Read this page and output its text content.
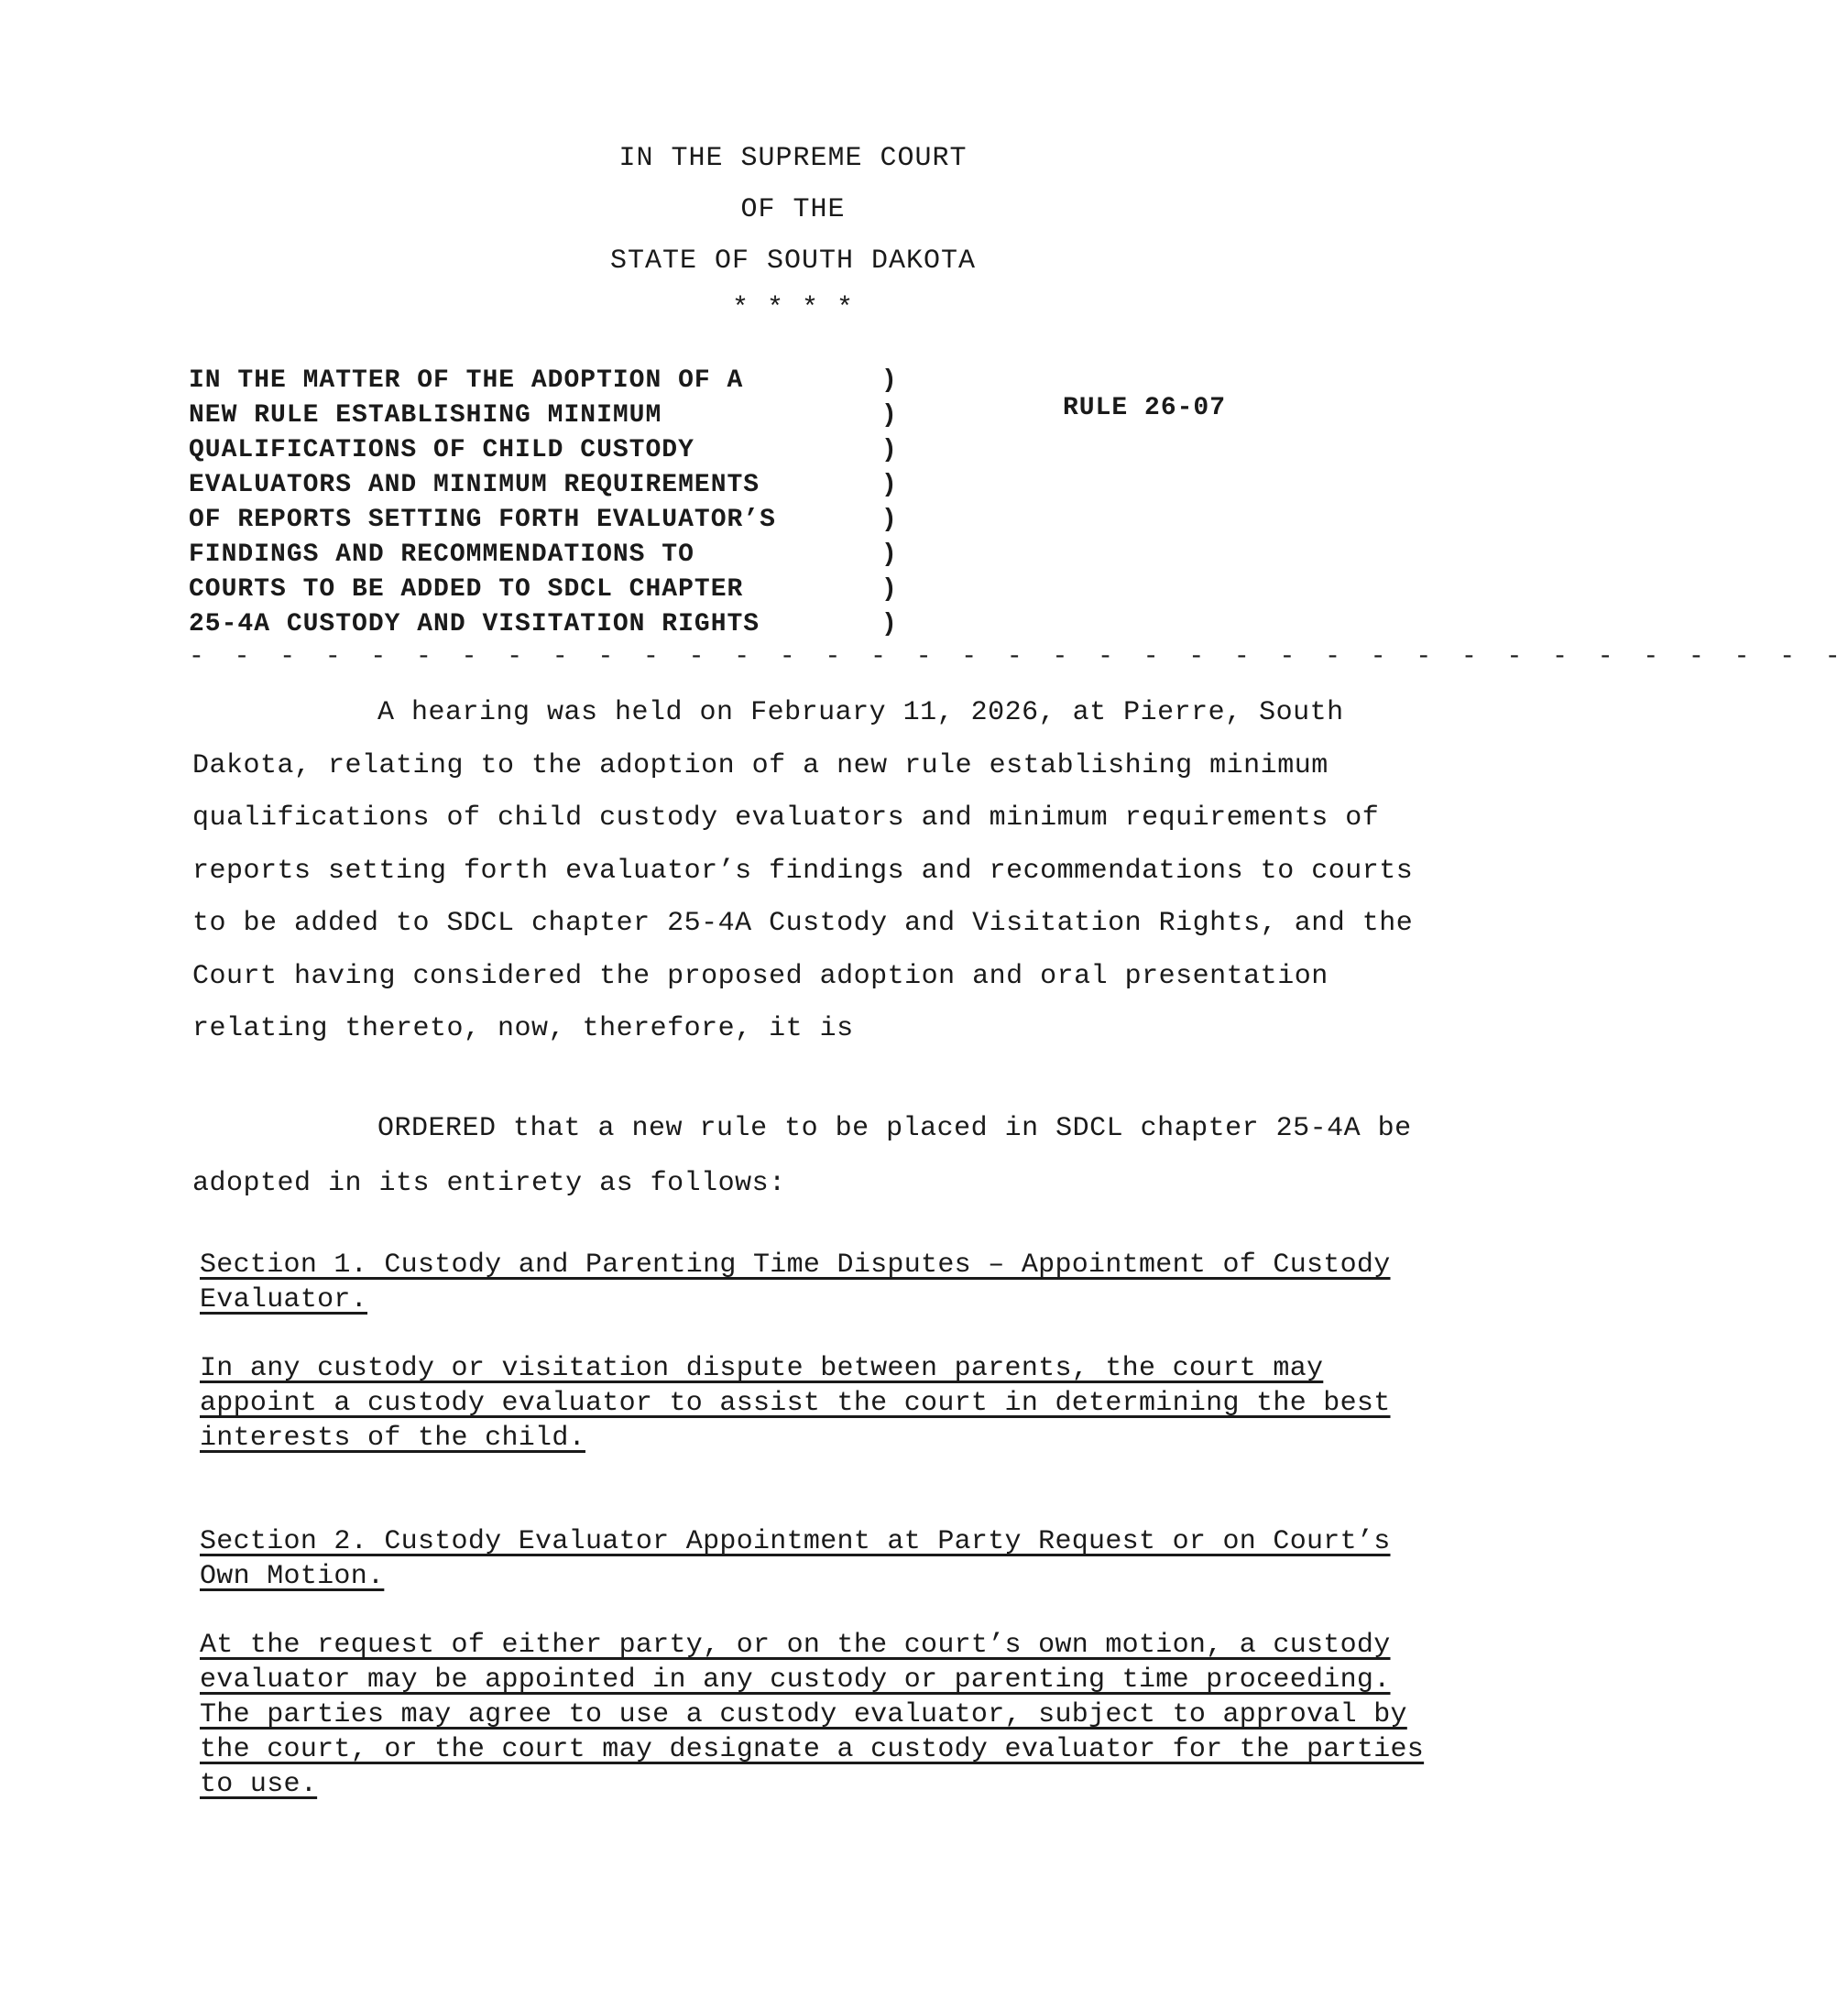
IN THE SUPREME COURT
OF THE
STATE OF SOUTH DAKOTA
* * * *
IN THE MATTER OF THE ADOPTION OF A
NEW RULE ESTABLISHING MINIMUM
QUALIFICATIONS OF CHILD CUSTODY
EVALUATORS AND MINIMUM REQUIREMENTS
OF REPORTS SETTING FORTH EVALUATOR’S
FINDINGS AND RECOMMENDATIONS TO
COURTS TO BE ADDED TO SDCL CHAPTER
25-4A CUSTODY AND VISITATION RIGHTS
)
)
)
)
)
)
)
)
RULE 26-07
- - - - - - - - - - - - - - - - - - - - - - - - - - - - - - - - - - - - -

A hearing was held on February 11, 2026, at Pierre, South Dakota, relating to the adoption of a new rule establishing minimum qualifications of child custody evaluators and minimum requirements of reports setting forth evaluator’s findings and recommendations to courts to be added to SDCL chapter 25-4A Custody and Visitation Rights, and the Court having considered the proposed adoption and oral presentation relating thereto, now, therefore, it is

ORDERED that a new rule to be placed in SDCL chapter 25-4A be adopted in its entirety as follows:

Section 1. Custody and Parenting Time Disputes – Appointment of Custody Evaluator.
In any custody or visitation dispute between parents, the court may appoint a custody evaluator to assist the court in determining the best interests of the child.
Section 2. Custody Evaluator Appointment at Party Request or on Court’s Own Motion.
At the request of either party, or on the court’s own motion, a custody evaluator may be appointed in any custody or parenting time proceeding. The parties may agree to use a custody evaluator, subject to approval by the court, or the court may designate a custody evaluator for the parties to use.
